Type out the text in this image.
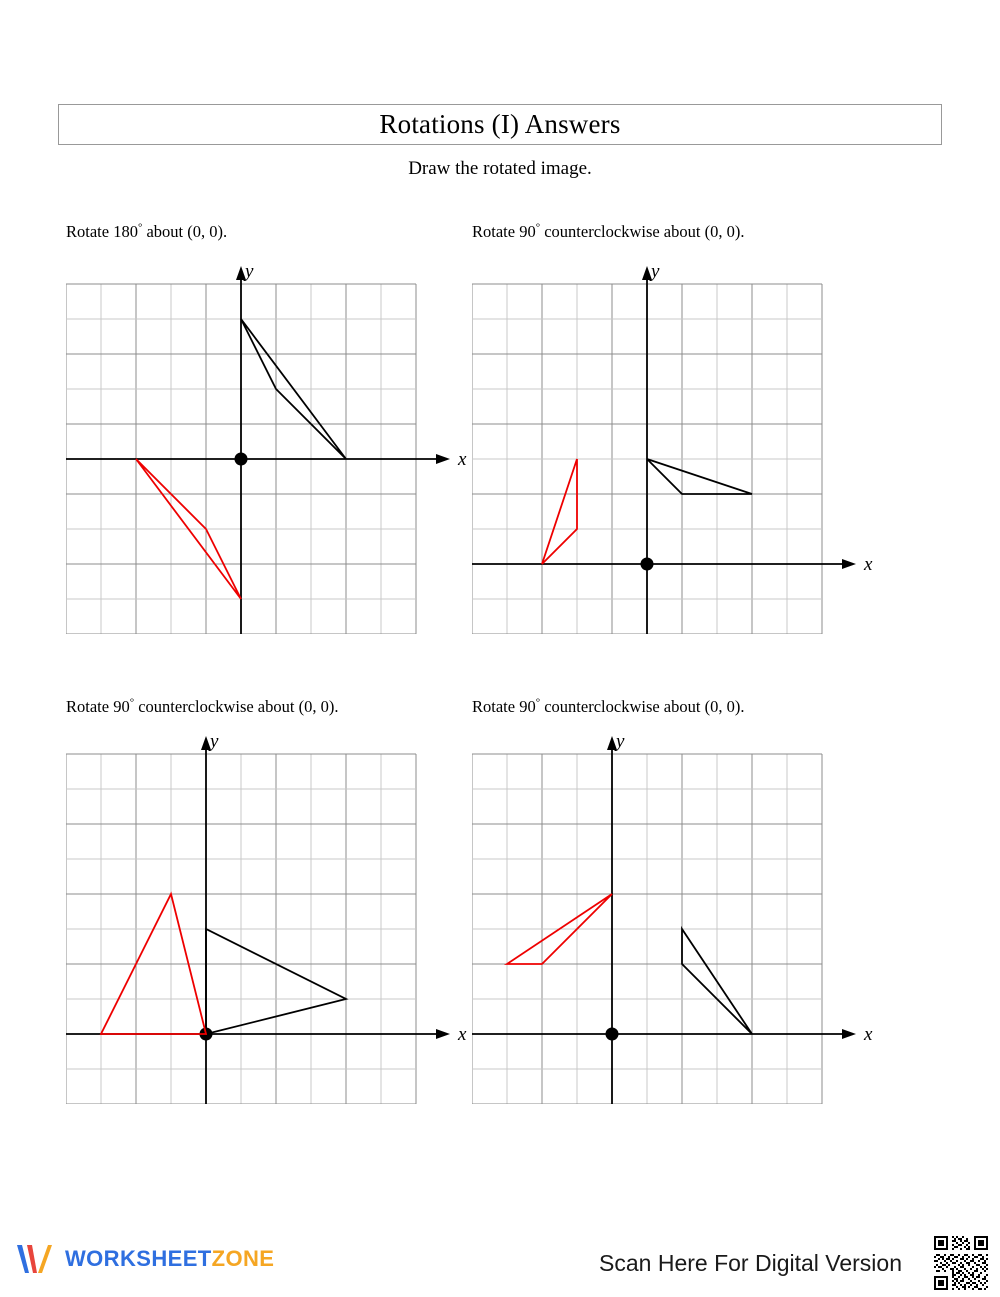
Rotations (I) Answers
Draw the rotated image.
Rotate 180° about (0, 0).
x
y
Rotate 90° counterclockwise about (0, 0).
x
y
Rotate 90° counterclockwise about (0, 0).
x
y
Rotate 90° counterclockwise about (0, 0).
x
y
WORKSHEETZONE	Scan Here For Digital Version
